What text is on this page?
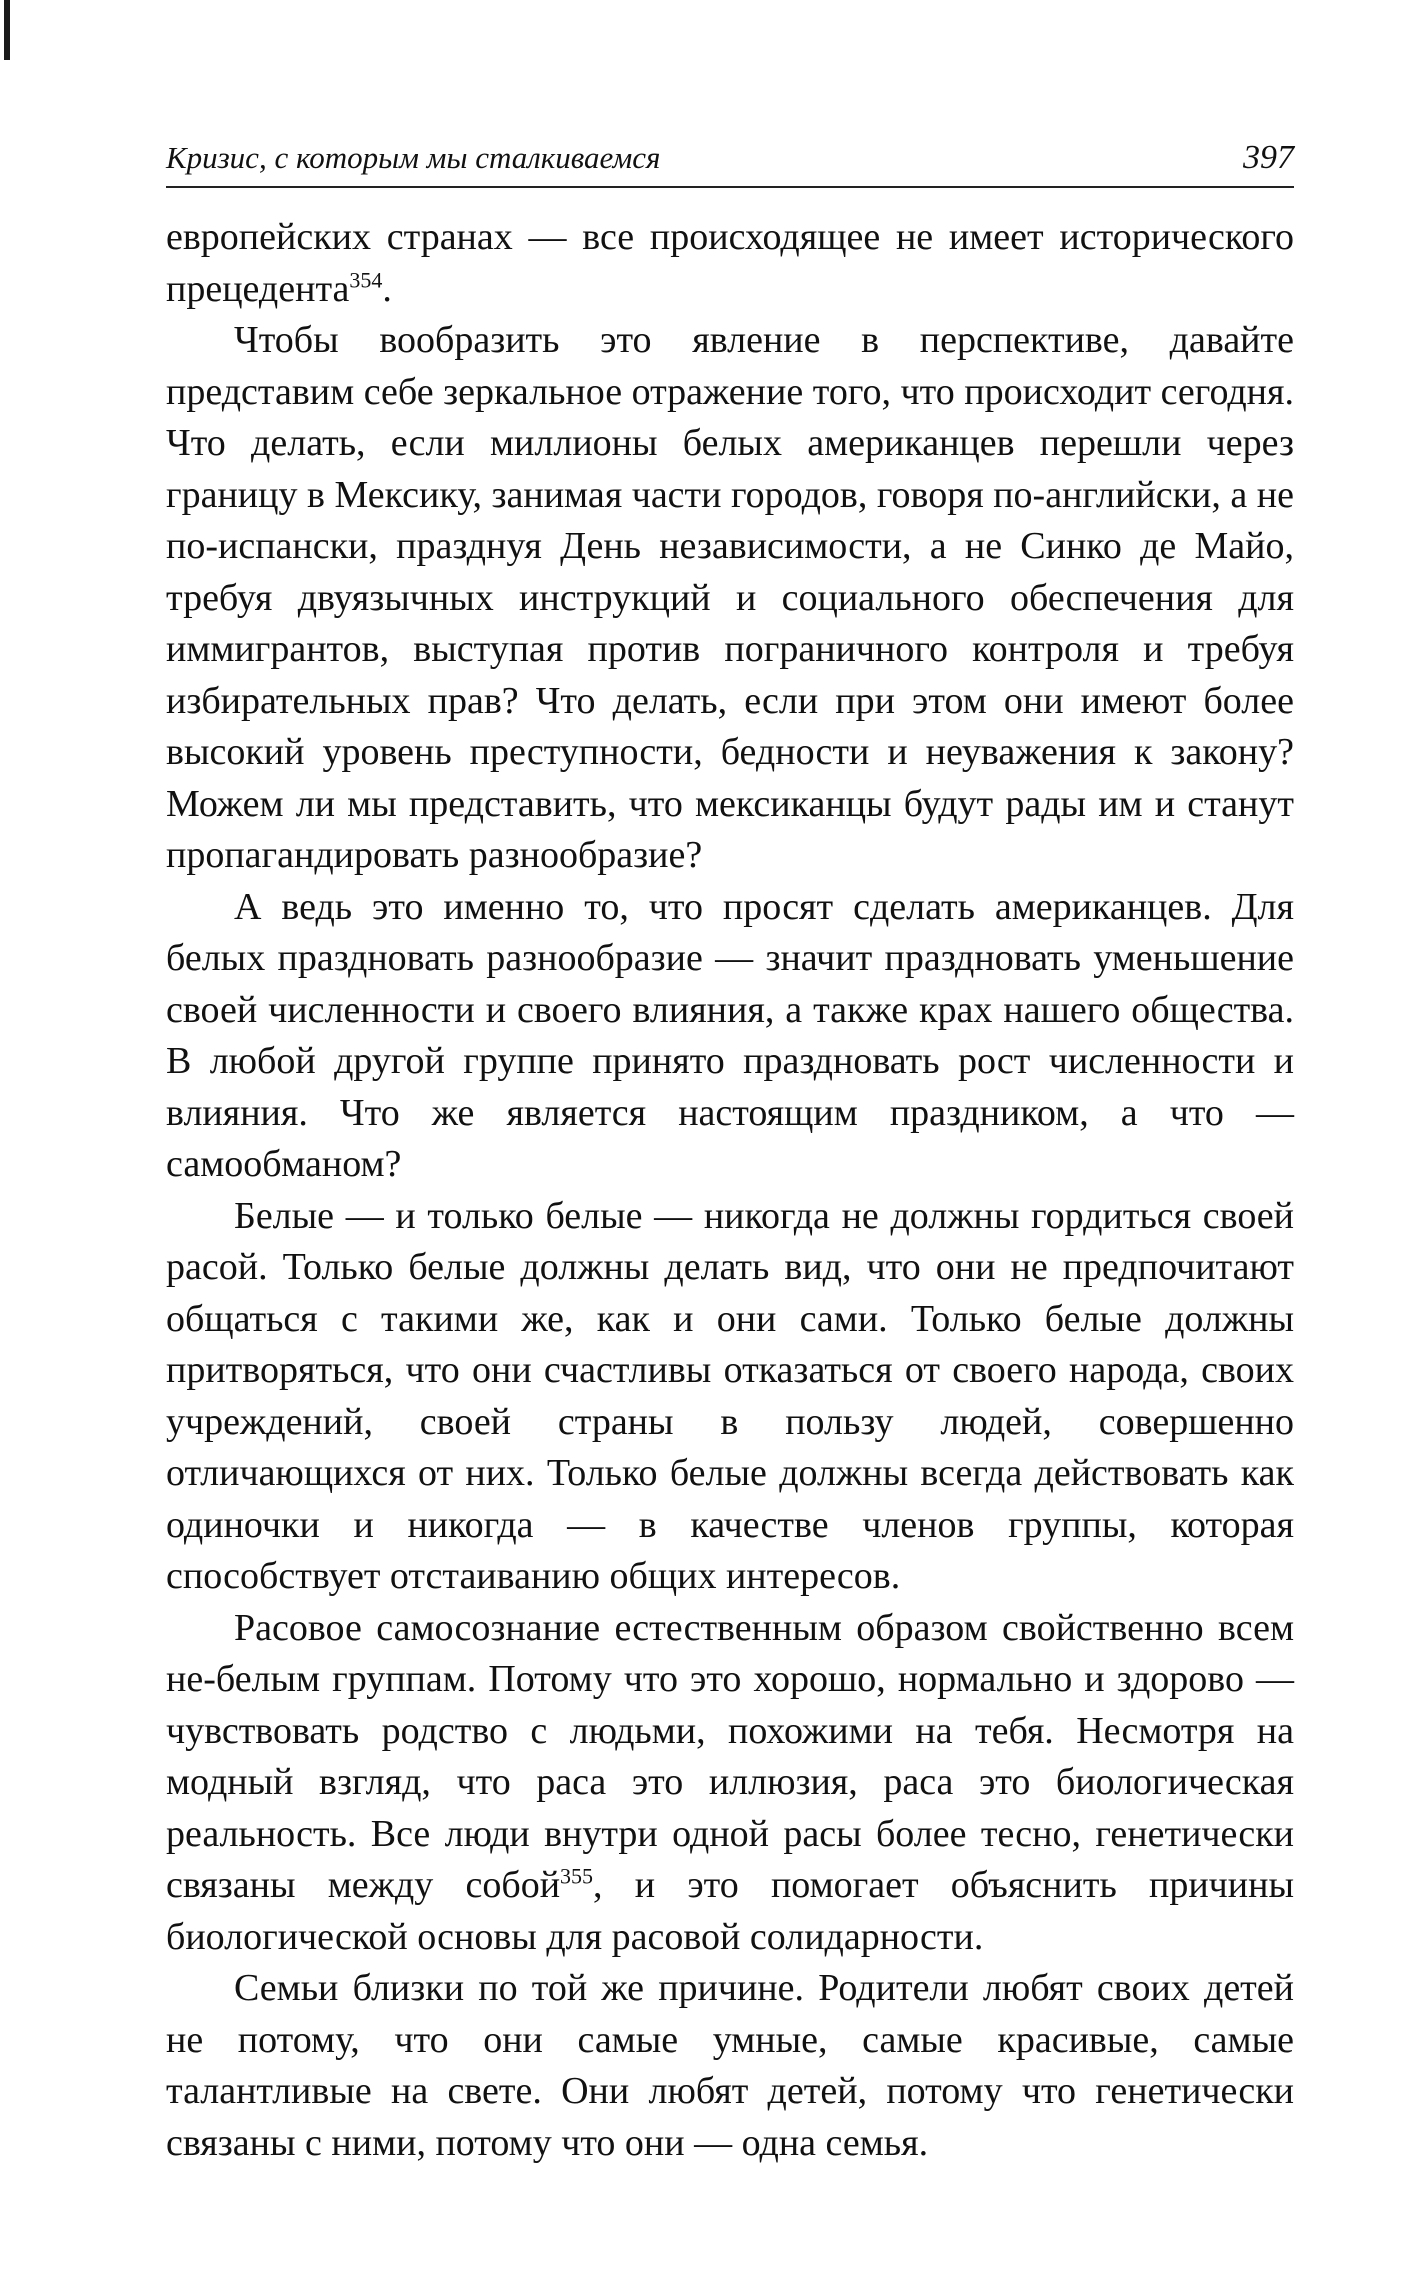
Кризис, с которым мы сталкиваемся	397

европейских странах — все происходящее не имеет исторического прецедента$^{354}$.

Чтобы вообразить это явление в перспективе, давайте представим себе зеркальное отражение того, что происходит сегодня. Что делать, если миллионы белых американцев перешли через границу в Мексику, занимая части городов, говоря по-английски, а не по-испански, празднуя День независимости, а не Синко де Майо, требуя двуязычных инструкций и социального обеспечения для иммигрантов, выступая против пограничного контроля и требуя избирательных прав? Что делать, если при этом они имеют более высокий уровень преступности, бедности и неуважения к закону? Можем ли мы представить, что мексиканцы будут рады им и станут пропагандировать разнообразие?

А ведь это именно то, что просят сделать американцев. Для белых праздновать разнообразие — значит праздновать уменьшение своей численности и своего влияния, а также крах нашего общества. В любой другой группе принято праздновать рост численности и влияния. Что же является настоящим праздником, а что — самообманом?

Белые — и только белые — никогда не должны гордиться своей расой. Только белые должны делать вид, что они не предпочитают общаться с такими же, как и они сами. Только белые должны притворяться, что они счастливы отказаться от своего народа, своих учреждений, своей страны в пользу людей, совершенно отличающихся от них. Только белые должны всегда действовать как одиночки и никогда — в качестве членов группы, которая способствует отстаиванию общих интересов.

Расовое самосознание естественным образом свойственно всем не-белым группам. Потому что это хорошо, нормально и здорово — чувствовать родство с людьми, похожими на тебя. Несмотря на модный взгляд, что раса это иллюзия, раса это биологическая реальность. Все люди внутри одной расы более тесно, генетически связаны между собой$^{355}$, и это помогает объяснить причины биологической основы для расовой солидарности.

Семьи близки по той же причине. Родители любят своих детей не потому, что они самые умные, самые красивые, самые талантливые на свете. Они любят детей, потому что генетически связаны с ними, потому что они — одна семья.
